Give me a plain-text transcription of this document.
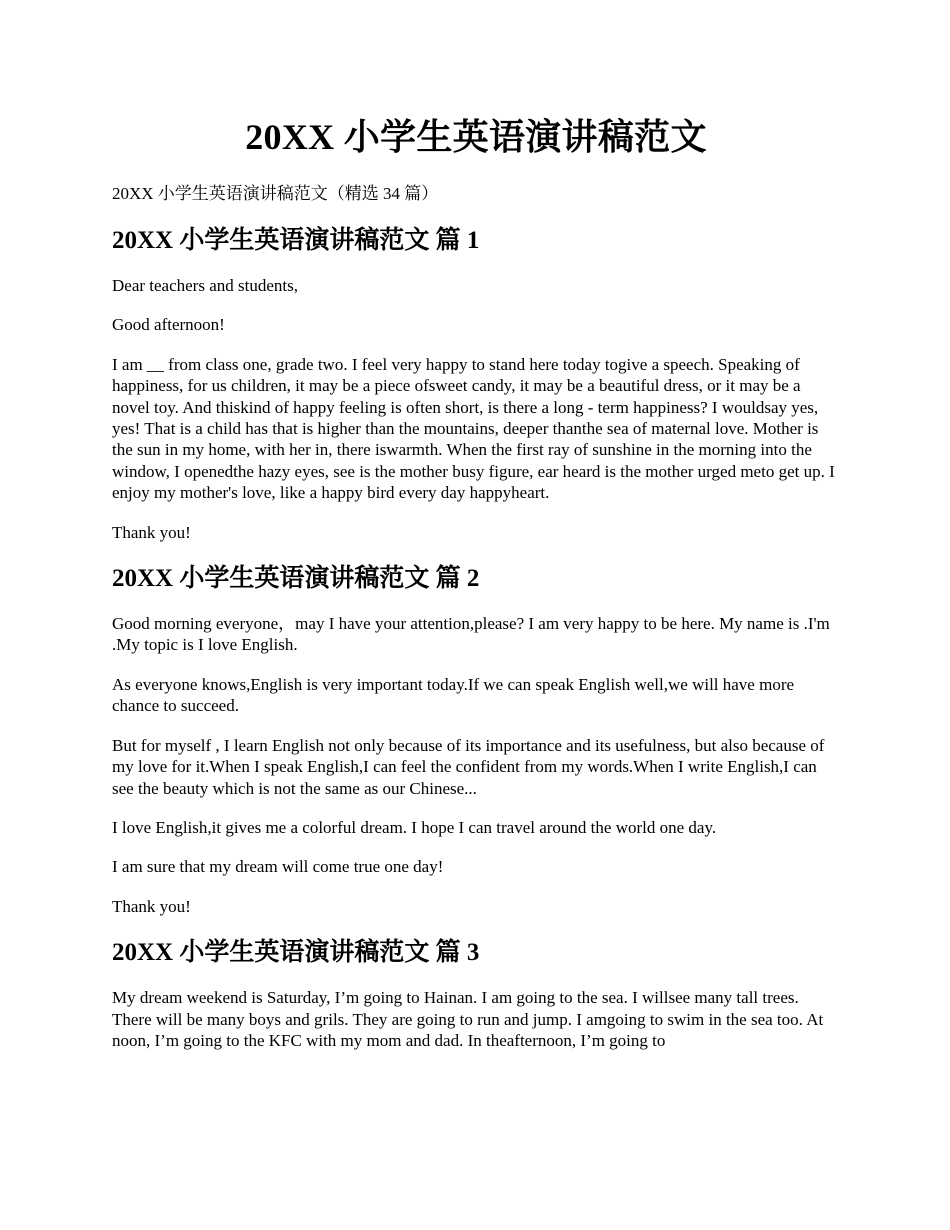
20XX 小学生英语演讲稿范文

20XX 小学生英语演讲稿范文（精选 34 篇）

20XX 小学生英语演讲稿范文 篇 1

Dear teachers and students,

Good afternoon!

I am __ from class one, grade two. I feel very happy to stand here today togive a speech. Speaking of happiness, for us children, it may be a piece ofsweet candy, it may be a beautiful dress, or it may be a novel toy. And thiskind of happy feeling is often short, is there a long - term happiness? I wouldsay yes, yes! That is a child has that is higher than the mountains, deeper thanthe sea of maternal love. Mother is the sun in my home, with her in, there iswarmth. When the first ray of sunshine in the morning into the window, I openedthe hazy eyes, see is the mother busy figure, ear heard is the mother urged meto get up. I enjoy my mother's love, like a happy bird every day happyheart.

Thank you!

20XX 小学生英语演讲稿范文 篇 2

Good morning everyone，may I have your attention,please? I am very happy to be here. My name is .I'm .My topic is I love English.

As everyone knows,English is very important today.If we can speak English well,we will have more chance to succeed.

But for myself , I learn English not only because of its importance and its usefulness, but also because of my love for it.When I speak English,I can feel the confident from my words.When I write English,I can see the beauty which is not the same as our Chinese...

I love English,it gives me a colorful dream. I hope I can travel around the world one day.

I am sure that my dream will come true one day!

Thank you!

20XX 小学生英语演讲稿范文 篇 3

My dream weekend is Saturday, I’m going to Hainan. I am going to the sea. I willsee many tall trees. There will be many boys and grils. They are going to run and jump. I amgoing to swim in the sea too. At noon, I’m going to the KFC with my mom and dad. In theafternoon, I’m going to
